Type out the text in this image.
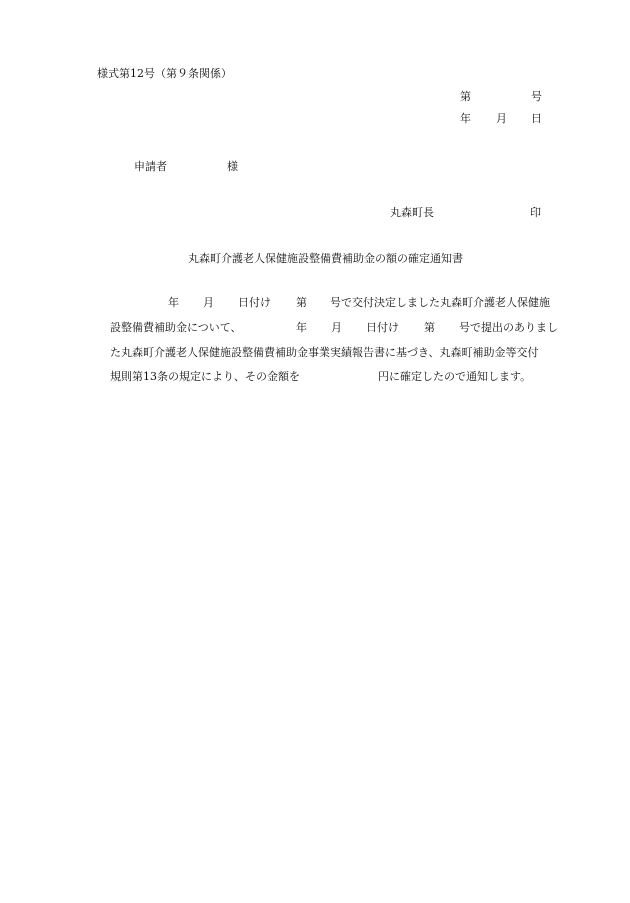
様式第12号（第９条関係）
第	号
年 月 日
申請者	様
丸森町長	印
丸森町介護老人保健施設整備費補助金の額の確定通知書
年 月 日付け 第 号で交付決定しました丸森町介護老人保健施
設整備費補助金について、	年 月 日付け 第 号で提出のありまし
た丸森町介護老人保健施設整備費補助金事業実績報告書に基づき、丸森町補助金等交付
規則第13条の規定により、その金額を	円に確定したので通知します。
